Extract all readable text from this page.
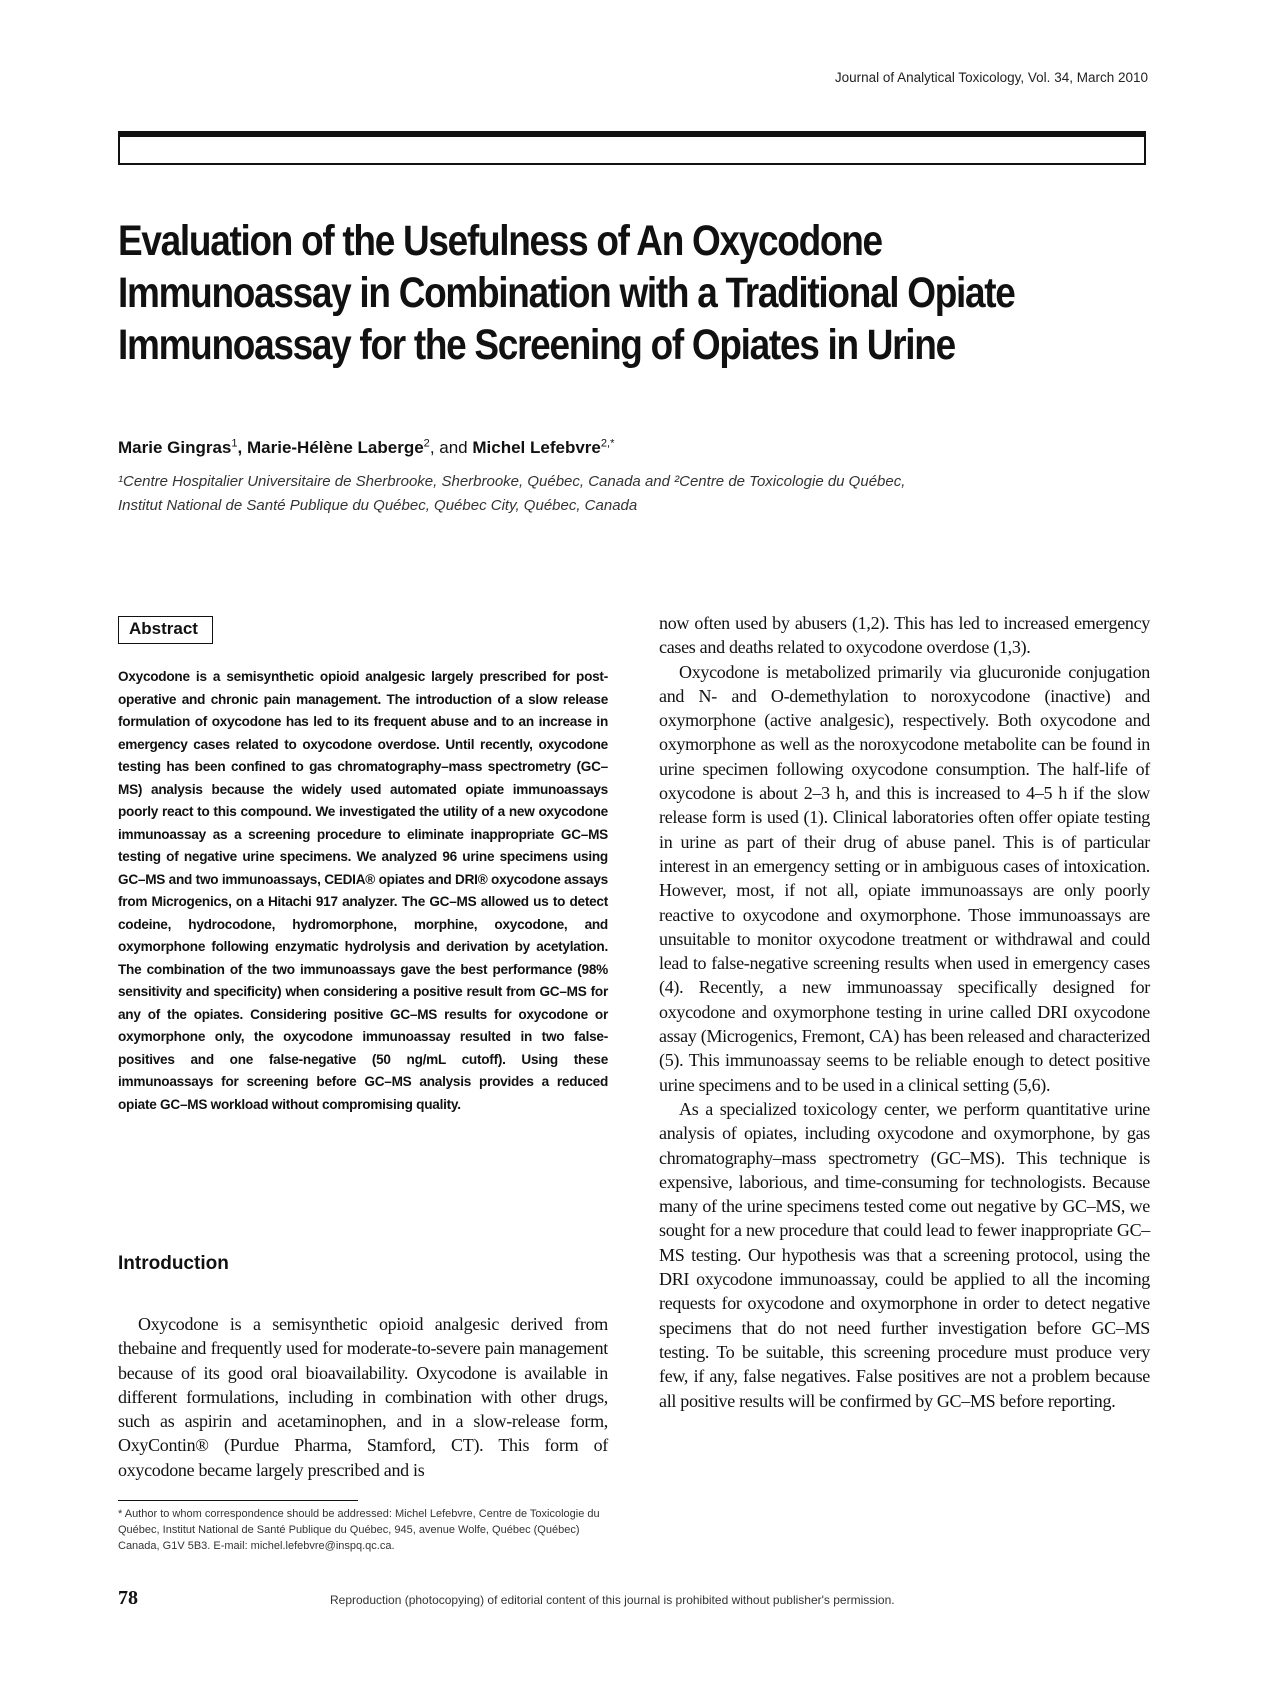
Journal of Analytical Toxicology, Vol. 34, March 2010
Evaluation of the Usefulness of An Oxycodone
Immunoassay in Combination with a Traditional Opiate
Immunoassay for the Screening of Opiates in Urine
Marie Gingras$^1$, Marie-Hélène Laberge$^2$, and Michel Lefebvre$^{2,*}$
¹Centre Hospitalier Universitaire de Sherbrooke, Sherbrooke, Québec, Canada and ²Centre de Toxicologie du Québec,
Institut National de Santé Publique du Québec, Québec City, Québec, Canada
Abstract
Oxycodone is a semisynthetic opioid analgesic largely prescribed for post-operative and chronic pain management. The introduction of a slow release formulation of oxycodone has led to its frequent abuse and to an increase in emergency cases related to oxycodone overdose. Until recently, oxycodone testing has been confined to gas chromatography–mass spectrometry (GC–MS) analysis because the widely used automated opiate immunoassays poorly react to this compound. We investigated the utility of a new oxycodone immunoassay as a screening procedure to eliminate inappropriate GC–MS testing of negative urine specimens. We analyzed 96 urine specimens using GC–MS and two immunoassays, CEDIA® opiates and DRI® oxycodone assays from Microgenics, on a Hitachi 917 analyzer. The GC–MS allowed us to detect codeine, hydrocodone, hydromorphone, morphine, oxycodone, and oxymorphone following enzymatic hydrolysis and derivation by acetylation. The combination of the two immunoassays gave the best performance (98% sensitivity and specificity) when considering a positive result from GC–MS for any of the opiates. Considering positive GC–MS results for oxycodone or oxymorphone only, the oxycodone immunoassay resulted in two false-positives and one false-negative (50 ng/mL cutoff). Using these immunoassays for screening before GC–MS analysis provides a reduced opiate GC–MS workload without compromising quality.
Introduction

Oxycodone is a semisynthetic opioid analgesic derived from thebaine and frequently used for moderate-to-severe pain management because of its good oral bioavailability. Oxycodone is available in different formulations, including in combination with other drugs, such as aspirin and acetaminophen, and in a slow-release form, OxyContin® (Purdue Pharma, Stamford, CT). This form of oxycodone became largely prescribed and is

* Author to whom correspondence should be addressed: Michel Lefebvre, Centre de Toxicologie du Québec, Institut National de Santé Publique du Québec, 945, avenue Wolfe, Québec (Québec) Canada, G1V 5B3. E-mail: michel.lefebvre@inspq.qc.ca.

now often used by abusers (1,2). This has led to increased emergency cases and deaths related to oxycodone overdose (1,3).

Oxycodone is metabolized primarily via glucuronide conjugation and N- and O-demethylation to noroxycodone (inactive) and oxymorphone (active analgesic), respectively. Both oxycodone and oxymorphone as well as the noroxycodone metabolite can be found in urine specimen following oxycodone consumption. The half-life of oxycodone is about 2–3 h, and this is increased to 4–5 h if the slow release form is used (1). Clinical laboratories often offer opiate testing in urine as part of their drug of abuse panel. This is of particular interest in an emergency setting or in ambiguous cases of intoxication. However, most, if not all, opiate immunoassays are only poorly reactive to oxycodone and oxymorphone. Those immunoassays are unsuitable to monitor oxycodone treatment or withdrawal and could lead to false-negative screening results when used in emergency cases (4). Recently, a new immunoassay specifically designed for oxycodone and oxymorphone testing in urine called DRI oxycodone assay (Microgenics, Fremont, CA) has been released and characterized (5). This immunoassay seems to be reliable enough to detect positive urine specimens and to be used in a clinical setting (5,6).

As a specialized toxicology center, we perform quantitative urine analysis of opiates, including oxycodone and oxymorphone, by gas chromatography–mass spectrometry (GC–MS). This technique is expensive, laborious, and time-consuming for technologists. Because many of the urine specimens tested come out negative by GC–MS, we sought for a new procedure that could lead to fewer inappropriate GC–MS testing. Our hypothesis was that a screening protocol, using the DRI oxycodone immunoassay, could be applied to all the incoming requests for oxycodone and oxymorphone in order to detect negative specimens that do not need further investigation before GC–MS testing. To be suitable, this screening procedure must produce very few, if any, false negatives. False positives are not a problem because all positive results will be confirmed by GC–MS before reporting.

78	Reproduction (photocopying) of editorial content of this journal is prohibited without publisher's permission.
